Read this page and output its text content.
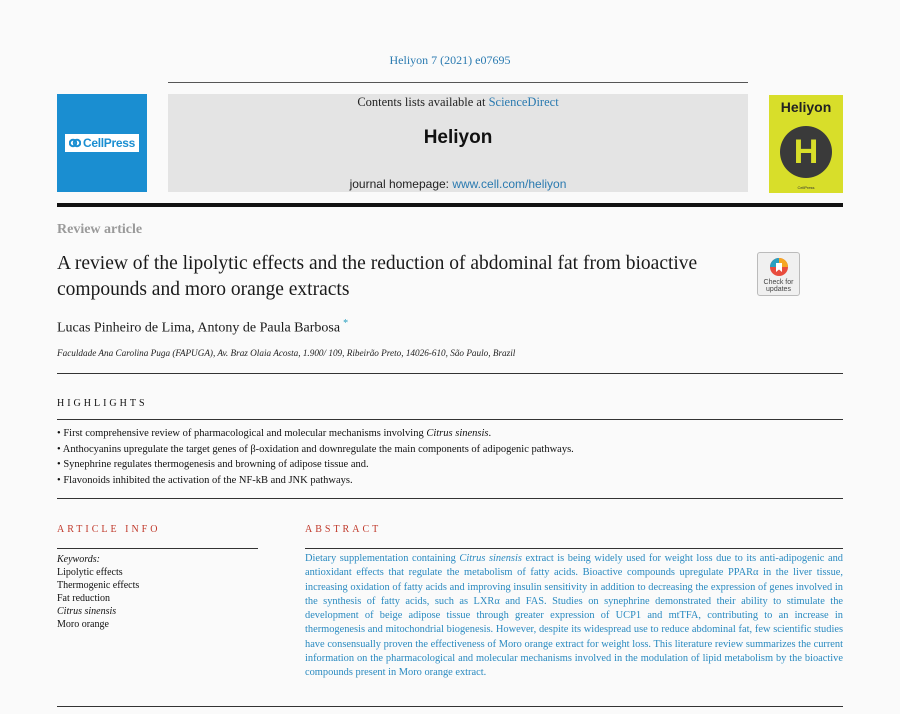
Heliyon 7 (2021) e07695
CellPress
Contents lists available at ScienceDirect
Heliyon
journal homepage: www.cell.com/heliyon
Heliyon
H
CellPress
Review article
A review of the lipolytic effects and the reduction of abdominal fat from bioactive compounds and moro orange extracts	Check for updates
Lucas Pinheiro de Lima, Antony de Paula Barbosa *
Faculdade Ana Carolina Puga (FAPUGA), Av. Braz Olaia Acosta, 1.900/ 109, Ribeirão Preto, 14026-610, São Paulo, Brazil
HIGHLIGHTS
• First comprehensive review of pharmacological and molecular mechanisms involving Citrus sinensis.
• Anthocyanins upregulate the target genes of β-oxidation and downregulate the main components of adipogenic pathways.
• Synephrine regulates thermogenesis and browning of adipose tissue and.
• Flavonoids inhibited the activation of the NF-kB and JNK pathways.
ARTICLE INFO	ABSTRACT
Keywords:
Lipolytic effects
Thermogenic effects
Fat reduction
Citrus sinensis
Moro orange
Dietary supplementation containing Citrus sinensis extract is being widely used for weight loss due to its anti-adipogenic and antioxidant effects that regulate the metabolism of fatty acids. Bioactive compounds upregulate PPARα in the liver tissue, increasing oxidation of fatty acids and improving insulin sensitivity in addition to decreasing the expression of genes involved in the synthesis of fatty acids, such as LXRα and FAS. Studies on synephrine demonstrated their ability to stimulate the development of beige adipose tissue through greater expression of UCP1 and mtTFA, contributing to an increase in thermogenesis and mitochondrial biogenesis. However, despite its widespread use to reduce abdominal fat, few scientific studies have consensually proven the effectiveness of Moro orange extract for weight loss. This literature review summarizes the current information on the pharmacological and molecular mechanisms involved in the modulation of lipid metabolism by the bioactive compounds present in Moro orange extract.
